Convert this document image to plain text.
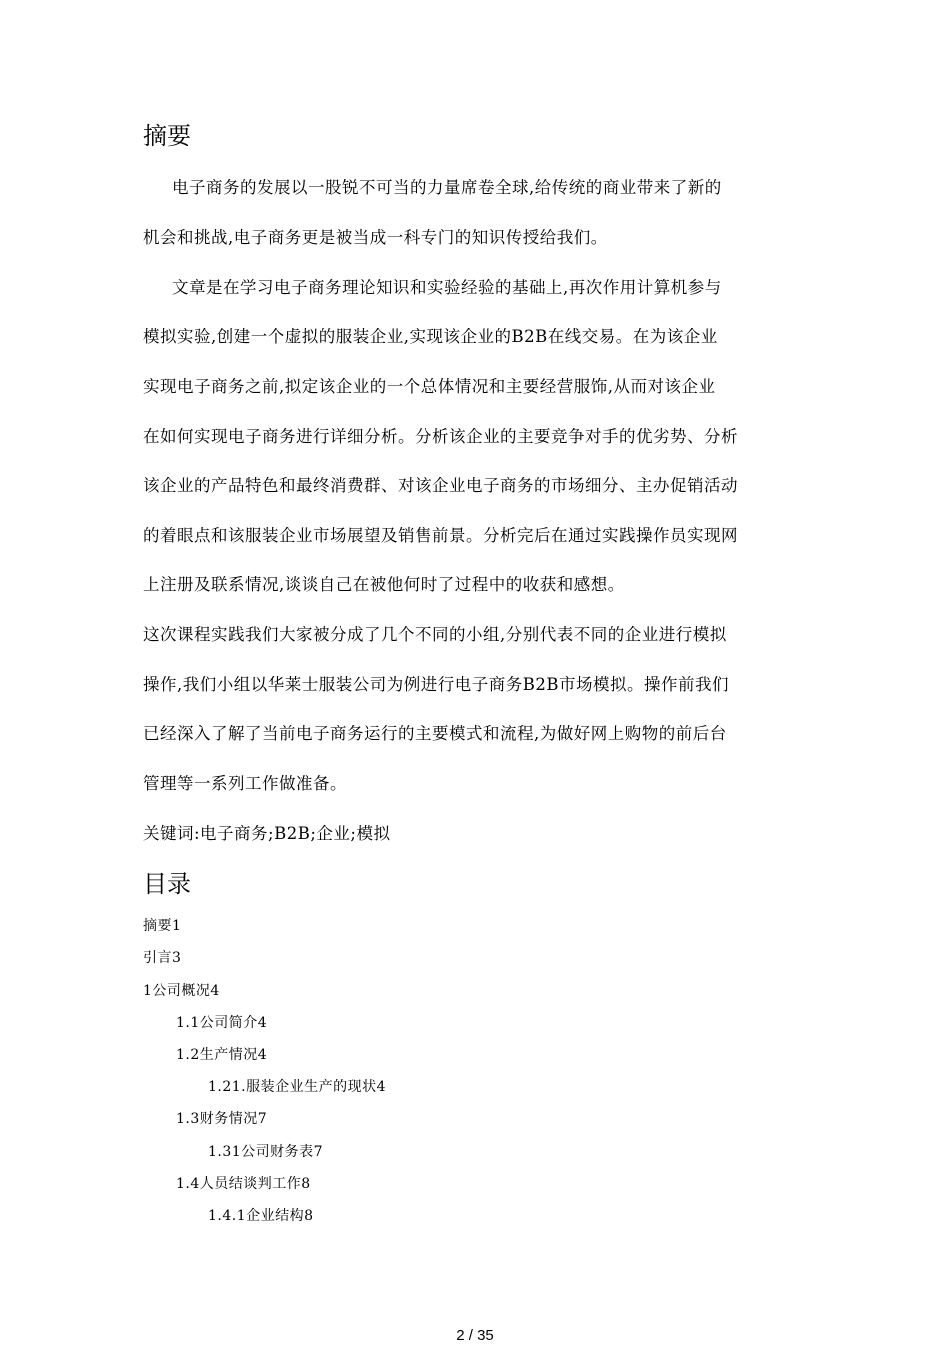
摘要
电子商务的发展以一股锐不可当的力量席卷全球,给传统的商业带来了新的
机会和挑战,电子商务更是被当成一科专门的知识传授给我们。
文章是在学习电子商务理论知识和实验经验的基础上,再次作用计算机参与
模拟实验,创建一个虚拟的服装企业,实现该企业的B2B在线交易。在为该企业
实现电子商务之前,拟定该企业的一个总体情况和主要经营服饰,从而对该企业
在如何实现电子商务进行详细分析。分析该企业的主要竞争对手的优劣势、分析
该企业的产品特色和最终消费群、对该企业电子商务的市场细分、主办促销活动
的着眼点和该服装企业市场展望及销售前景。分析完后在通过实践操作员实现网
上注册及联系情况,谈谈自己在被他何时了过程中的收获和感想。
这次课程实践我们大家被分成了几个不同的小组,分别代表不同的企业进行模拟
操作,我们小组以华莱士服装公司为例进行电子商务B2B市场模拟。操作前我们
已经深入了解了当前电子商务运行的主要模式和流程,为做好网上购物的前后台
管理等一系列工作做准备。
关键词:电子商务;B2B;企业;模拟
目录
摘要1
引言3
1公司概况4
1.1公司简介4
1.2生产情况4
1.21.服装企业生产的现状4
1.3财务情况7
1.31公司财务表7
1.4人员结谈判工作8
1.4.1企业结构8
2 / 35
